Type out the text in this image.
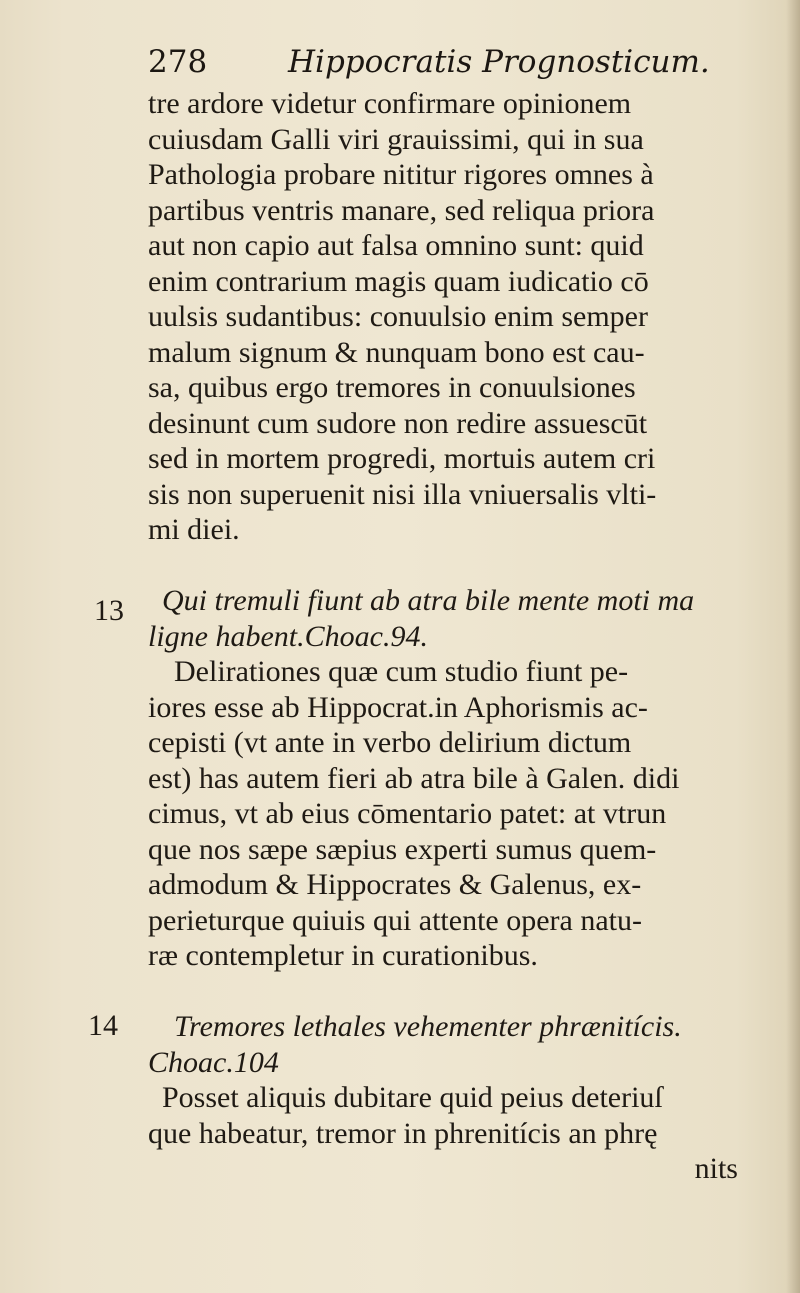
278	Hippocratis Prognosticum.
tre ardore videtur confirmare opinionem
cuiusdam Galli viri grauissimi, qui in sua
Pathologia probare nititur rigores omnes à
partibus ventris manare, sed reliqua priora
aut non capio aut falsa omnino sunt: quid
enim contrarium magis quam iudicatio cō
uulsis sudantibus: conuulsio enim semper
malum signum & nunquam bono est cau-
sa, quibus ergo tremores in conuulsiones
desinunt cum sudore non redire assuescūt
sed in mortem progredi, mortuis autem cri
sis non superuenit nisi illa vniuersalis vlti-
mi diei.
13	Qui tremuli fiunt ab atra bile mente moti ma
ligne habent.Choac.94.
Delirationes quæ cum studio fiunt pe-
iores esse ab Hippocrat.in Aphorismis ac-
cepisti (vt ante in verbo delirium dictum
est) has autem fieri ab atra bile à Galen. didi
cimus, vt ab eius cōmentario patet: at vtrun
que nos sæpe sæpius experti sumus quem-
admodum & Hippocrates & Galenus, ex-
perieturque quiuis qui attente opera natu-
ræ contempletur in curationibus.
14	Tremores lethales vehementer phrænitícis.
Choac.104
Posset aliquis dubitare quid peius deteriuſ
que habeatur, tremor in phrenitícis an phrę
nits
